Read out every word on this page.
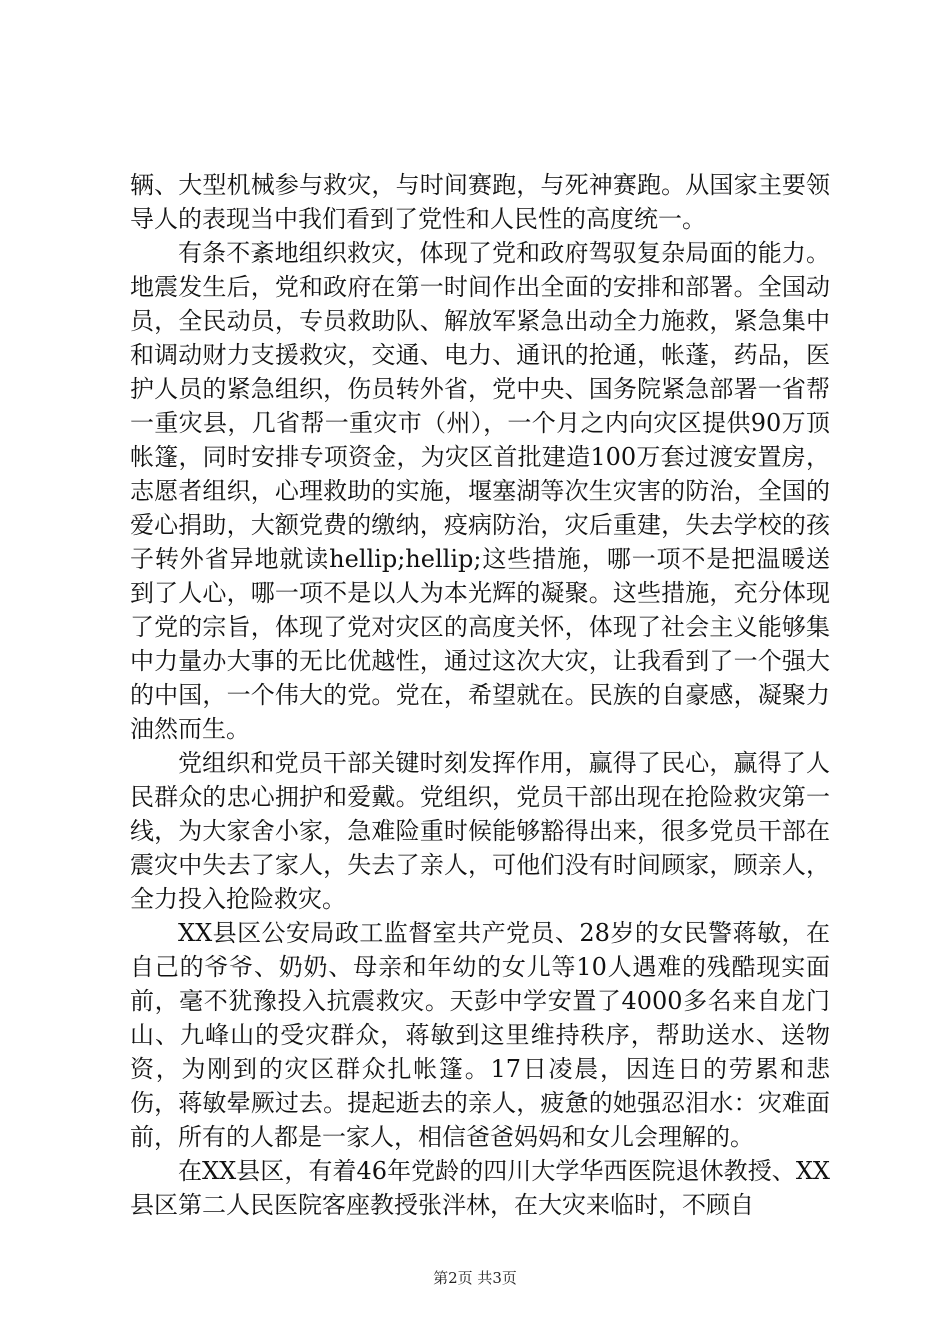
辆、大型机械参与救灾，与时间赛跑，与死神赛跑。从国家主要领导人的表现当中我们看到了党性和人民性的高度统一。

有条不紊地组织救灾，体现了党和政府驾驭复杂局面的能力。地震发生后，党和政府在第一时间作出全面的安排和部署。全国动员，全民动员，专员救助队、解放军紧急出动全力施救，紧急集中和调动财力支援救灾，交通、电力、通讯的抢通，帐蓬，药品，医护人员的紧急组织，伤员转外省，党中央、国务院紧急部署一省帮一重灾县，几省帮一重灾市（州），一个月之内向灾区提供90万顶帐篷，同时安排专项资金，为灾区首批建造100万套过渡安置房，志愿者组织，心理救助的实施，堰塞湖等次生灾害的防治，全国的爱心捐助，大额党费的缴纳，疫病防治，灾后重建，失去学校的孩子转外省异地就读hellip;hellip;这些措施，哪一项不是把温暖送到了人心，哪一项不是以人为本光辉的凝聚。这些措施，充分体现了党的宗旨，体现了党对灾区的高度关怀，体现了社会主义能够集中力量办大事的无比优越性，通过这次大灾，让我看到了一个强大的中国，一个伟大的党。党在，希望就在。民族的自豪感，凝聚力油然而生。

党组织和党员干部关键时刻发挥作用，赢得了民心，赢得了人民群众的忠心拥护和爱戴。党组织，党员干部出现在抢险救灾第一线，为大家舍小家，急难险重时候能够豁得出来，很多党员干部在震灾中失去了家人，失去了亲人，可他们没有时间顾家，顾亲人，全力投入抢险救灾。

XX县区公安局政工监督室共产党员、28岁的女民警蒋敏，在自己的爷爷、奶奶、母亲和年幼的女儿等10人遇难的残酷现实面前，毫不犹豫投入抗震救灾。天彭中学安置了4000多名来自龙门山、九峰山的受灾群众，蒋敏到这里维持秩序，帮助送水、送物资，为刚到的灾区群众扎帐篷。17日凌晨，因连日的劳累和悲伤，蒋敏晕厥过去。提起逝去的亲人，疲惫的她强忍泪水：灾难面前，所有的人都是一家人，相信爸爸妈妈和女儿会理解的。

在XX县区，有着46年党龄的四川大学华西医院退休教授、XX县区第二人民医院客座教授张泮林，在大灾来临时，不顾自

第2页 共3页
